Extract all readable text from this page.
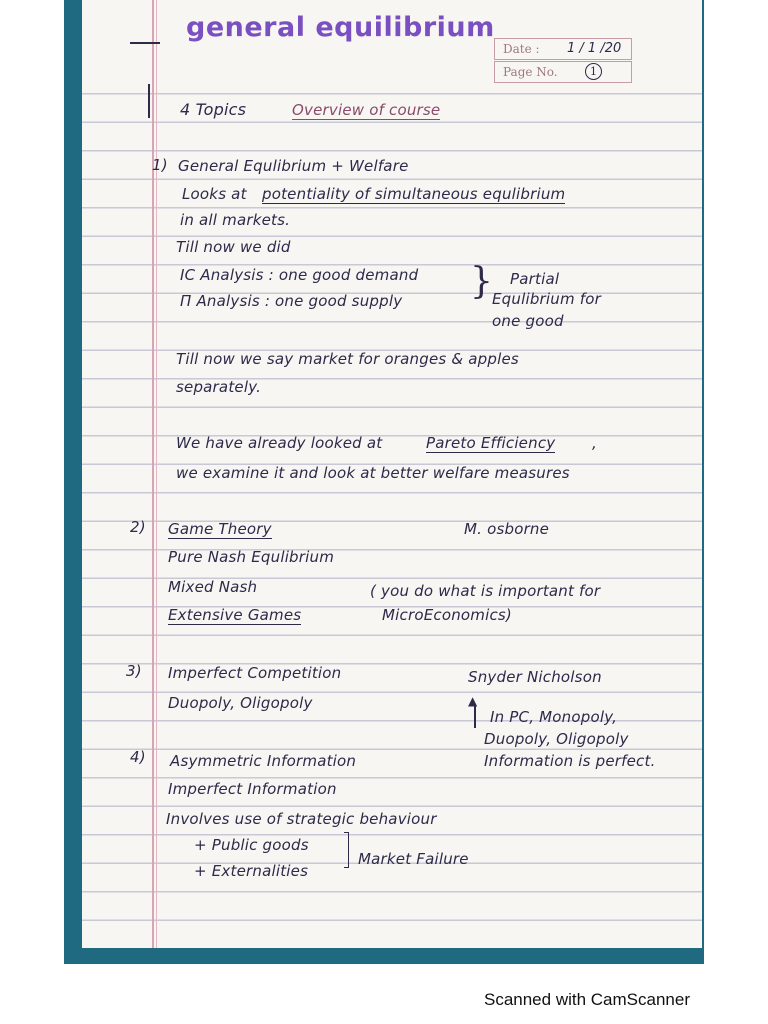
general equilibrium
Date : 1 / 1 /20
Page No.	1
4 Topics	Overview of course
1) General Equlibrium + Welfare
Looks at potentiality of simultaneous equlibrium
in all markets.
Till now we did
IC Analysis : one good demand
Π Analysis : one good supply } Partial
Equlibrium for
one good
Till now we say market for oranges & apples
separately.
We have already looked at	Pareto Efficiency ,
we examine it and look at better welfare measures
2) Game Theory	M. osborne
Pure Nash Equlibrium
Mixed Nash
Extensive Games
( you do what is important for
MicroEconomics)
3) Imperfect Competition	Snyder Nicholson
Duopoly, Oligopoly	▲
In PC, Monopoly,
Duopoly, Oligopoly
Information is perfect.
4) Asymmetric Information
Imperfect Information
Involves use of strategic behaviour
+ Public goods
+ Externalities
Market Failure
Scanned with CamScanner
